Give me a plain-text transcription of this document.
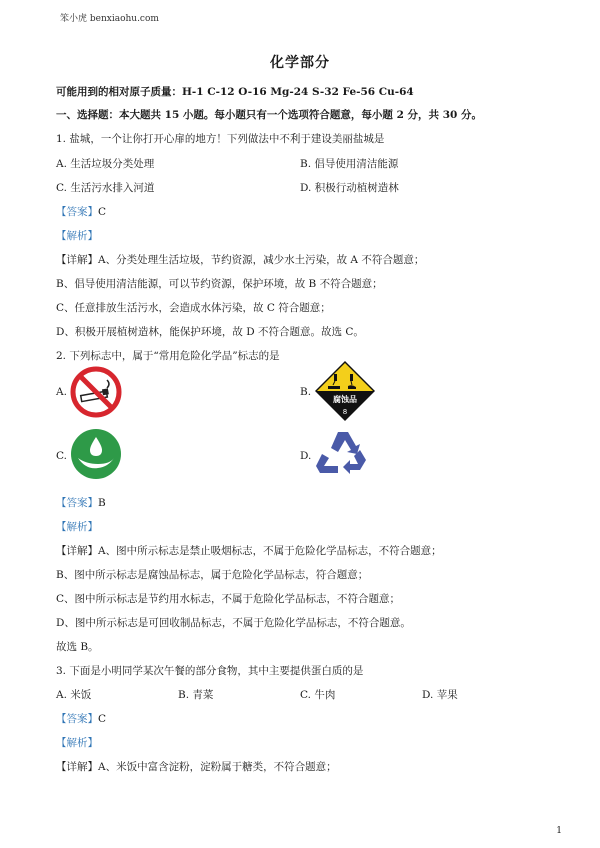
笨小虎 benxiaohu.com
化学部分
可能用到的相对原子质量：H-1 C-12 O-16 Mg-24 S-32 Fe-56 Cu-64
一、选择题：本大题共 15 小题。每小题只有一个选项符合题意，每小题 2 分，共 30 分。
1. 盐城，一个让你打开心扉的地方！下列做法中不利于建设美丽盐城是
A. 生活垃圾分类处理	B. 倡导使用清洁能源
C. 生活污水排入河道	D. 积极行动植树造林
【答案】C
【解析】
【详解】A、分类处理生活垃圾，节约资源，减少水土污染，故 A 不符合题意；
B、倡导使用清洁能源，可以节约资源，保护环境，故 B 不符合题意；
C、任意排放生活污水，会造成水体污染，故 C 符合题意；
D、积极开展植树造林，能保护环境，故 D 不符合题意。故选 C。
2. 下列标志中，属于“常用危险化学品”标志的是
A.	B.
腐蚀品
8
C.	D.
【答案】B
【解析】
【详解】A、图中所示标志是禁止吸烟标志，不属于危险化学品标志，不符合题意；
B、图中所示标志是腐蚀品标志，属于危险化学品标志，符合题意；
C、图中所示标志是节约用水标志，不属于危险化学品标志，不符合题意；
D、图中所示标志是可回收制品标志，不属于危险化学品标志，不符合题意。
故选 B。
3. 下面是小明同学某次午餐的部分食物，其中主要提供蛋白质的是
A. 米饭	B. 青菜	C. 牛肉	D. 苹果
【答案】C
【解析】
【详解】A、米饭中富含淀粉，淀粉属于糖类，不符合题意；
1
